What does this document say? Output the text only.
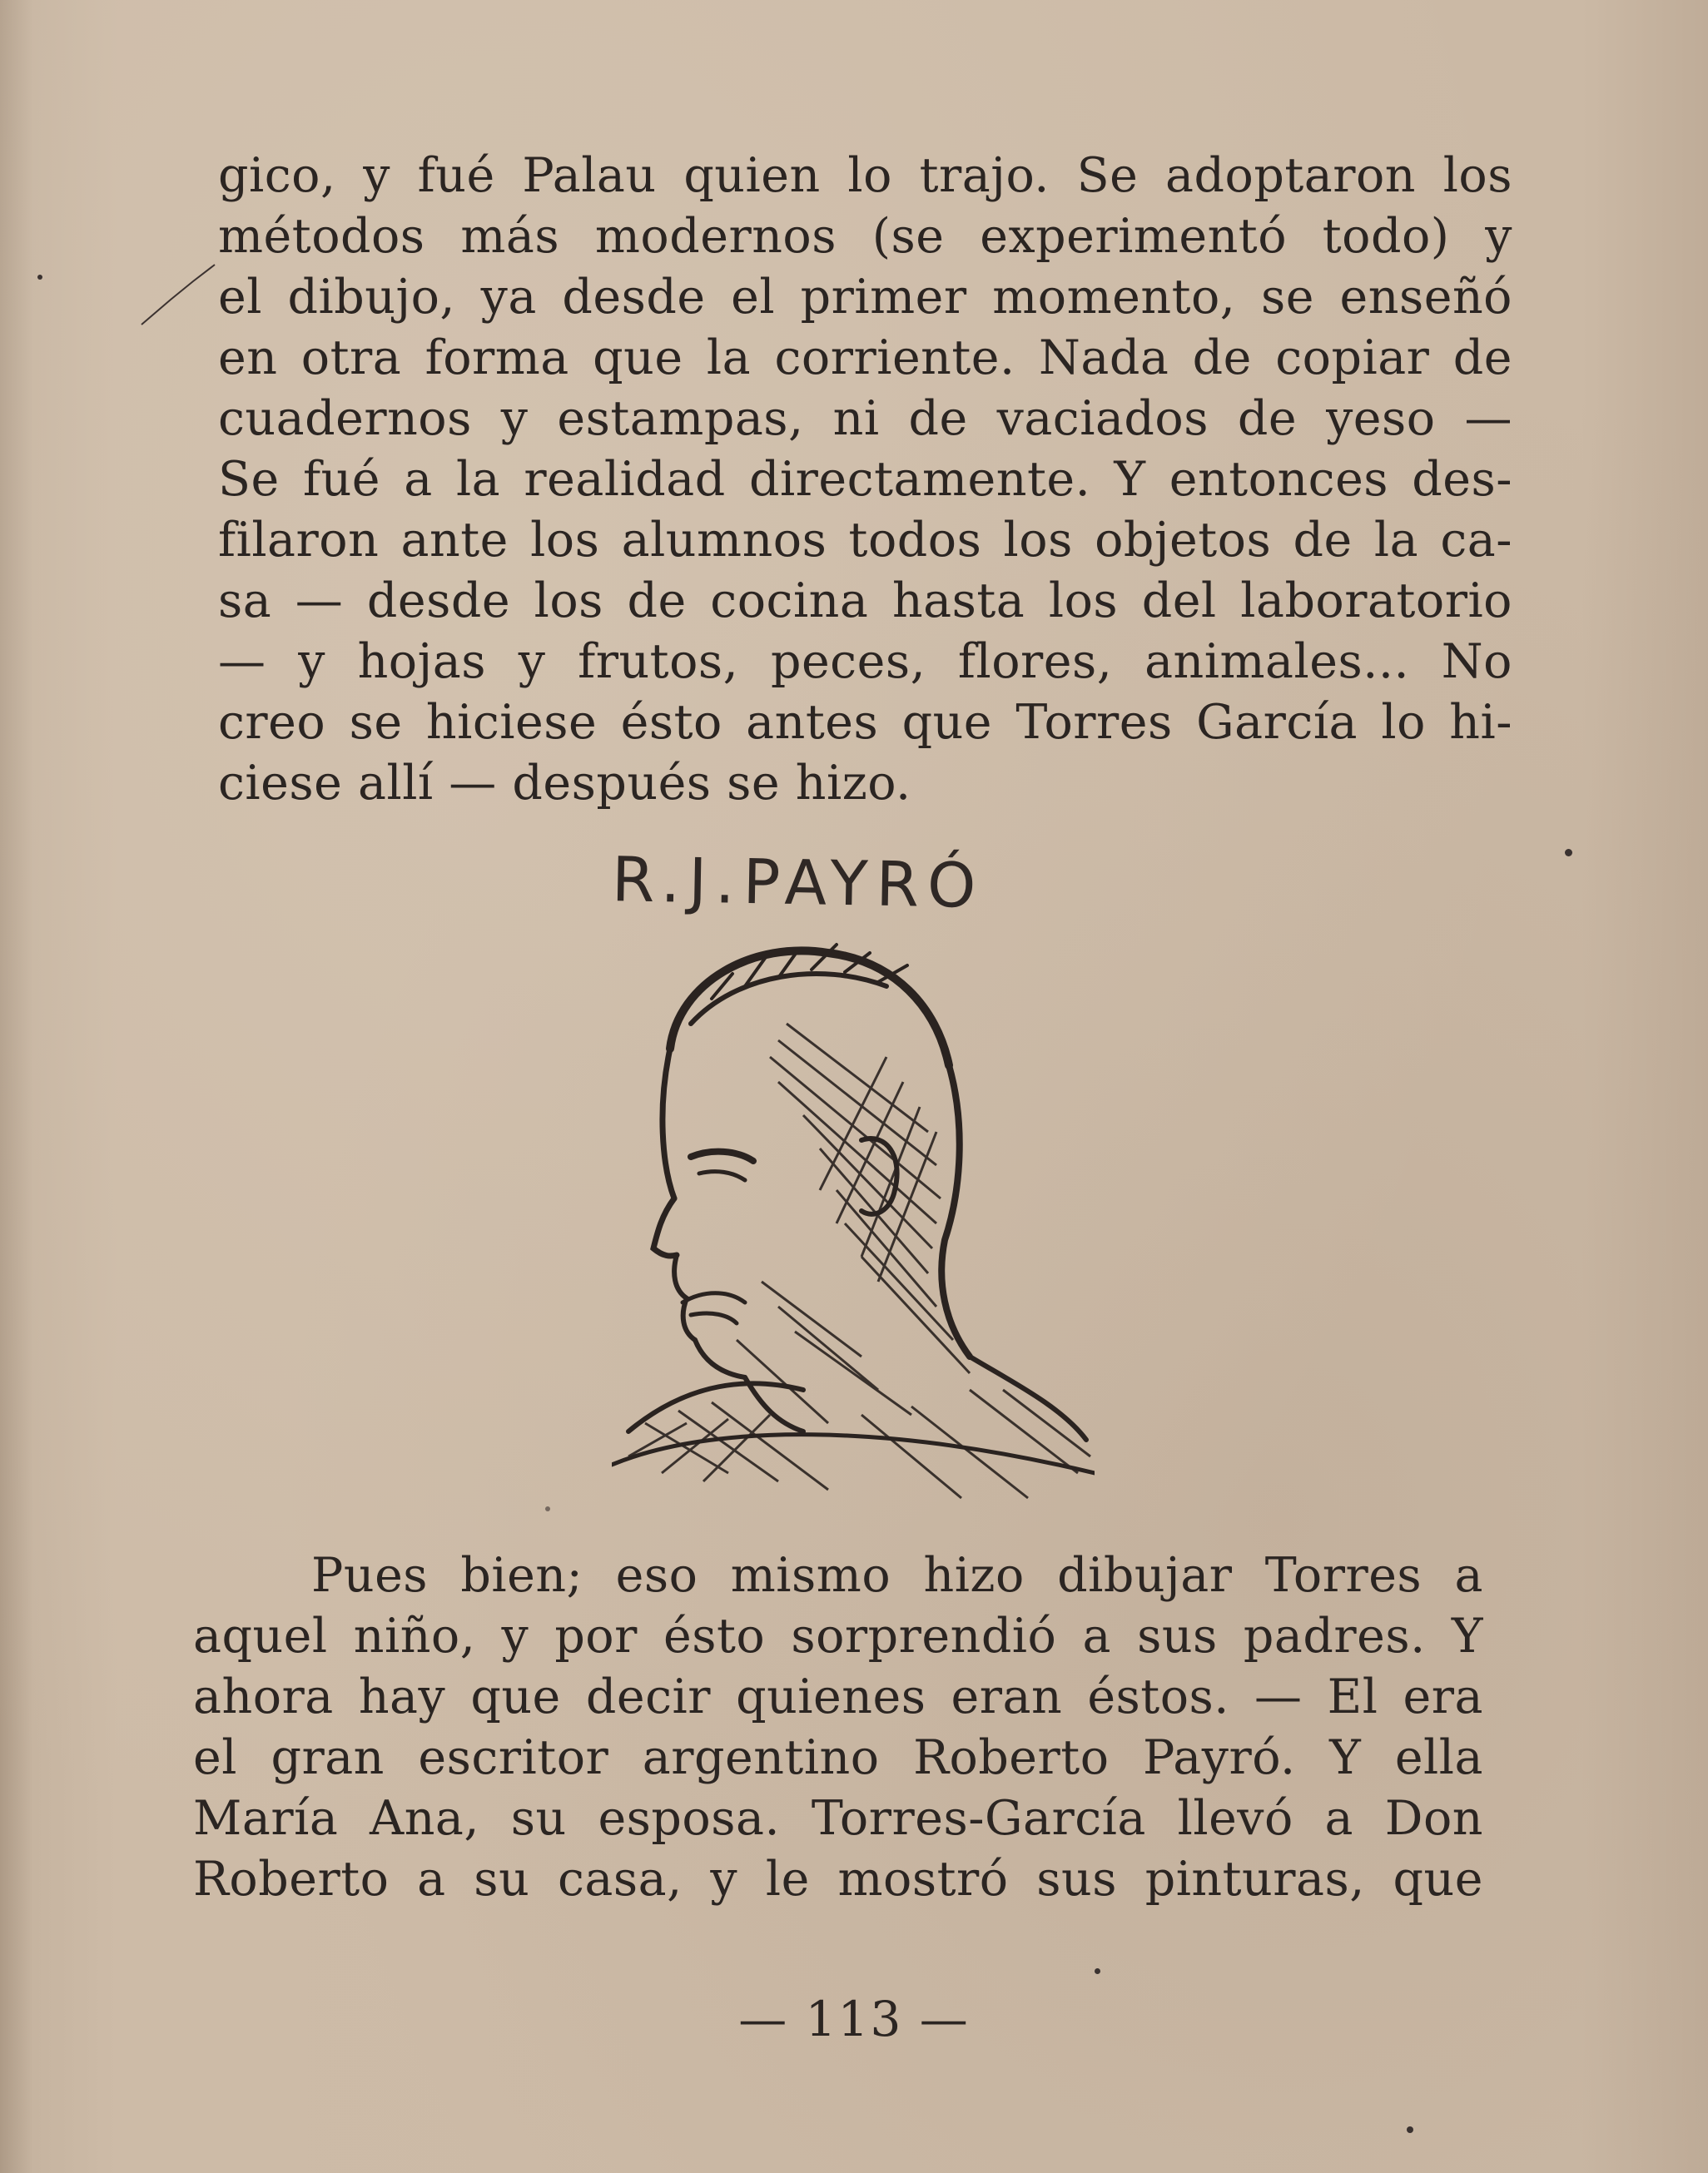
gico, y fué Palau quien lo trajo. Se adoptaron los
métodos más modernos (se experimentó todo) y
el dibujo, ya desde el primer momento, se enseñó
en otra forma que la corriente. Nada de copiar de
cuadernos y estampas, ni de vaciados de yeso —
Se fué a la realidad directamente. Y entonces des-
filaron ante los alumnos todos los objetos de la ca-
sa — desde los de cocina hasta los del laboratorio
— y hojas y frutos, peces, flores, animales... No
creo se hiciese ésto antes que Torres García lo hi-
ciese allí — después se hizo.
R.J.PAYRÓ
Pues bien; eso mismo hizo dibujar Torres a
aquel niño, y por ésto sorprendió a sus padres. Y
ahora hay que decir quienes eran éstos. — El era
el gran escritor argentino Roberto Payró. Y ella
María Ana, su esposa. Torres-García llevó a Don
Roberto a su casa, y le mostró sus pinturas, que
— 113 —
